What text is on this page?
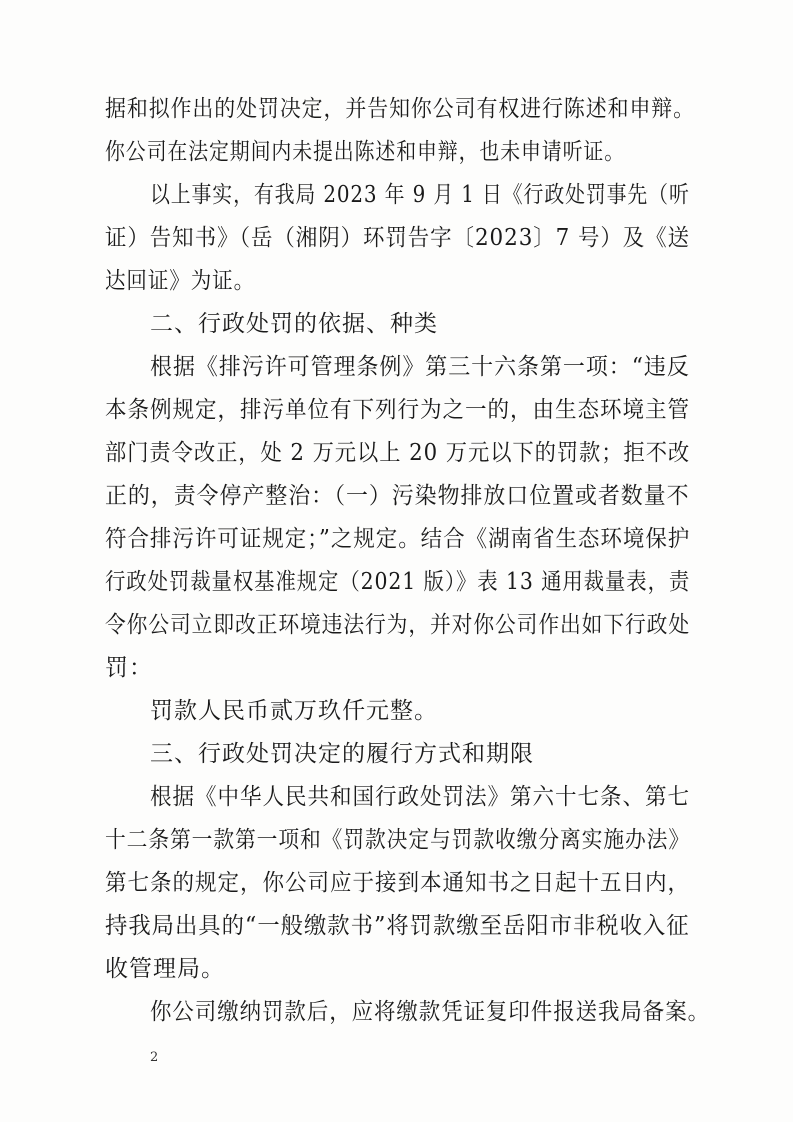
据和拟作出的处罚决定，并告知你公司有权进行陈述和申辩。
你公司在法定期间内未提出陈述和申辩，也未申请听证。
以上事实，有我局 2023 年 9 月 1 日《行政处罚事先（听
证）告知书》（岳（湘阴）环罚告字〔2023〕7 号）及《送
达回证》为证。
二、行政处罚的依据、种类
根据《排污许可管理条例》第三十六条第一项：“违反
本条例规定，排污单位有下列行为之一的，由生态环境主管
部门责令改正，处 2 万元以上 20 万元以下的罚款；拒不改
正的，责令停产整治：（一）污染物排放口位置或者数量不
符合排污许可证规定；”之规定。结合《湖南省生态环境保护
行政处罚裁量权基准规定（2021 版）》表 13 通用裁量表，责
令你公司立即改正环境违法行为，并对你公司作出如下行政处
罚：
罚款人民币贰万玖仟元整。
三、行政处罚决定的履行方式和期限
根据《中华人民共和国行政处罚法》第六十七条、第七
十二条第一款第一项和《罚款决定与罚款收缴分离实施办法》
第七条的规定，你公司应于接到本通知书之日起十五日内，
持我局出具的“一般缴款书”将罚款缴至岳阳市非税收入征
收管理局。
你公司缴纳罚款后，应将缴款凭证复印件报送我局备案。
2
